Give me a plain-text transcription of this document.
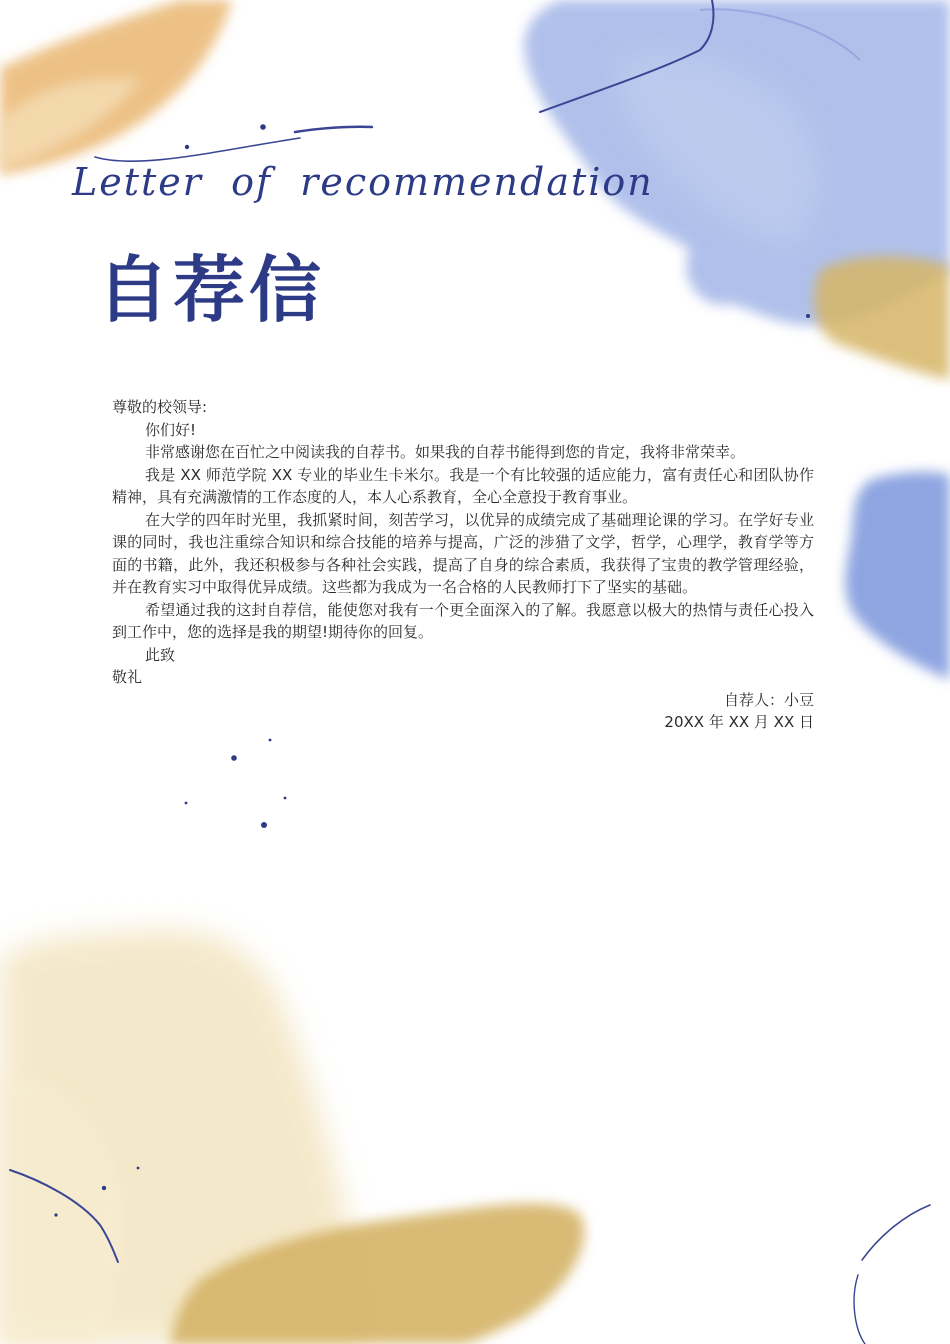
Letter  of  recommendation
自荐信

尊敬的校领导:

你们好!

非常感谢您在百忙之中阅读我的自荐书。如果我的自荐书能得到您的肯定，我将非常荣幸。

我是 XX 师范学院 XX 专业的毕业生卡米尔。我是一个有比较强的适应能力，富有责任心和团队协作精神，具有充满激情的工作态度的人，本人心系教育，全心全意投于教育事业。

在大学的四年时光里，我抓紧时间，刻苦学习，以优异的成绩完成了基础理论课的学习。在学好专业课的同时，我也注重综合知识和综合技能的培养与提高，广泛的涉猎了文学，哲学，心理学，教育学等方面的书籍，此外，我还积极参与各种社会实践，提高了自身的综合素质，我获得了宝贵的教学管理经验，并在教育实习中取得优异成绩。这些都为我成为一名合格的人民教师打下了坚实的基础。

希望通过我的这封自荐信，能使您对我有一个更全面深入的了解。我愿意以极大的热情与责任心投入到工作中，您的选择是我的期望!期待你的回复。

此致

敬礼

自荐人：小豆

20XX 年 XX 月 XX 日
